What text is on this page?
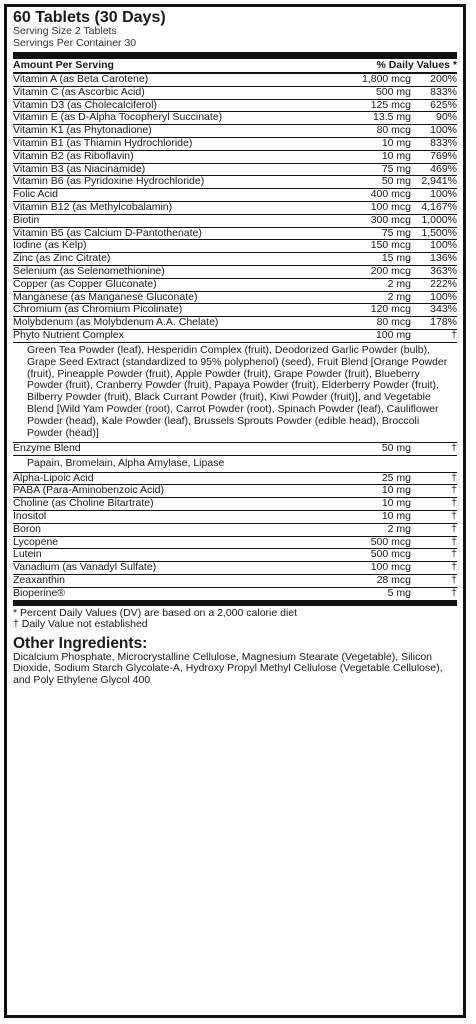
60 Tablets (30 Days)
Serving Size 2 Tablets
Servings Per Container 30
Amount Per Serving	% Daily Values *
Vitamin A (as Beta Carotene)	1,800 mcg	200%
Vitamin C (as Ascorbic Acid)	500 mg	833%
Vitamin D3 (as Cholecalciferol)	125 mcg	625%
Vitamin E (as D-Alpha Tocopheryl Succinate)	13.5 mg	90%
Vitamin K1 (as Phytonadione)	80 mcg	100%
Vitamin B1 (as Thiamin Hydrochloride)	10 mg	833%
Vitamin B2 (as Riboflavin)	10 mg	769%
Vitamin B3 (as Niacinamide)	75 mg	469%
Vitamin B6 (as Pyridoxine Hydrochloride)	50 mg 2,941%
Folic Acid	400 mcg	100%
Vitamin B12 (as Methylcobalamin)	100 mcg 4,167%
Biotin	300 mcg 1,000%
Vitamin B5 (as Calcium D-Pantothenate)	75 mg 1,500%
Iodine (as Kelp)	150 mcg	100%
Zinc (as Zinc Citrate)	15 mg	136%
Selenium (as Selenomethionine)	200 mcg	363%
Copper (as Copper Gluconate)	2 mg	222%
Manganese (as Manganese Gluconate)	2 mg	100%
Chromium (as Chromium Picolinate)	120 mcg	343%
Molybdenum (as Molybdenum A.A. Chelate)	80 mcg	178%
Phyto Nutrient Complex	100 mg	†
Green Tea Powder (leaf), Hesperidin Complex (fruit), Deodorized Garlic Powder (bulb), Grape Seed Extract (standardized to 95% polyphenol) (seed), Fruit Blend [Orange Powder (fruit), Pineapple Powder (fruit), Apple Powder (fruit), Grape Powder (fruit), Blueberry Powder (fruit), Cranberry Powder (fruit), Papaya Powder (fruit), Elderberry Powder (fruit), Bilberry Powder (fruit), Black Currant Powder (fruit), Kiwi Powder (fruit)], and Vegetable Blend [Wild Yam Powder (root), Carrot Powder (root), Spinach Powder (leaf), Cauliflower Powder (head), Kale Powder (leaf), Brussels Sprouts Powder (edible head), Broccoli Powder (head)]
Enzyme Blend	50 mg	†
Papain, Bromelain, Alpha Amylase, Lipase
Alpha-Lipoic Acid	25 mg	†
PABA (Para-Aminobenzoic Acid)	10 mg	†
Choline (as Choline Bitartrate)	10 mg	†
Inositol	10 mg	†
Boron	2 mg	†
Lycopene	500 mcg	†
Lutein	500 mcg	†
Vanadium (as Vanadyl Sulfate)	100 mcg	†
Zeaxanthin	28 mcg	†
Bioperine®	5 mg	†
* Percent Daily Values (DV) are based on a 2,000 calorie diet
† Daily Value not established
Other Ingredients:
Dicalcium Phosphate, Microcrystalline Cellulose, Magnesium Stearate (Vegetable), Silicon Dioxide, Sodium Starch Glycolate-A, Hydroxy Propyl Methyl Cellulose (Vegetable Cellulose), and Poly Ethylene Glycol 400
